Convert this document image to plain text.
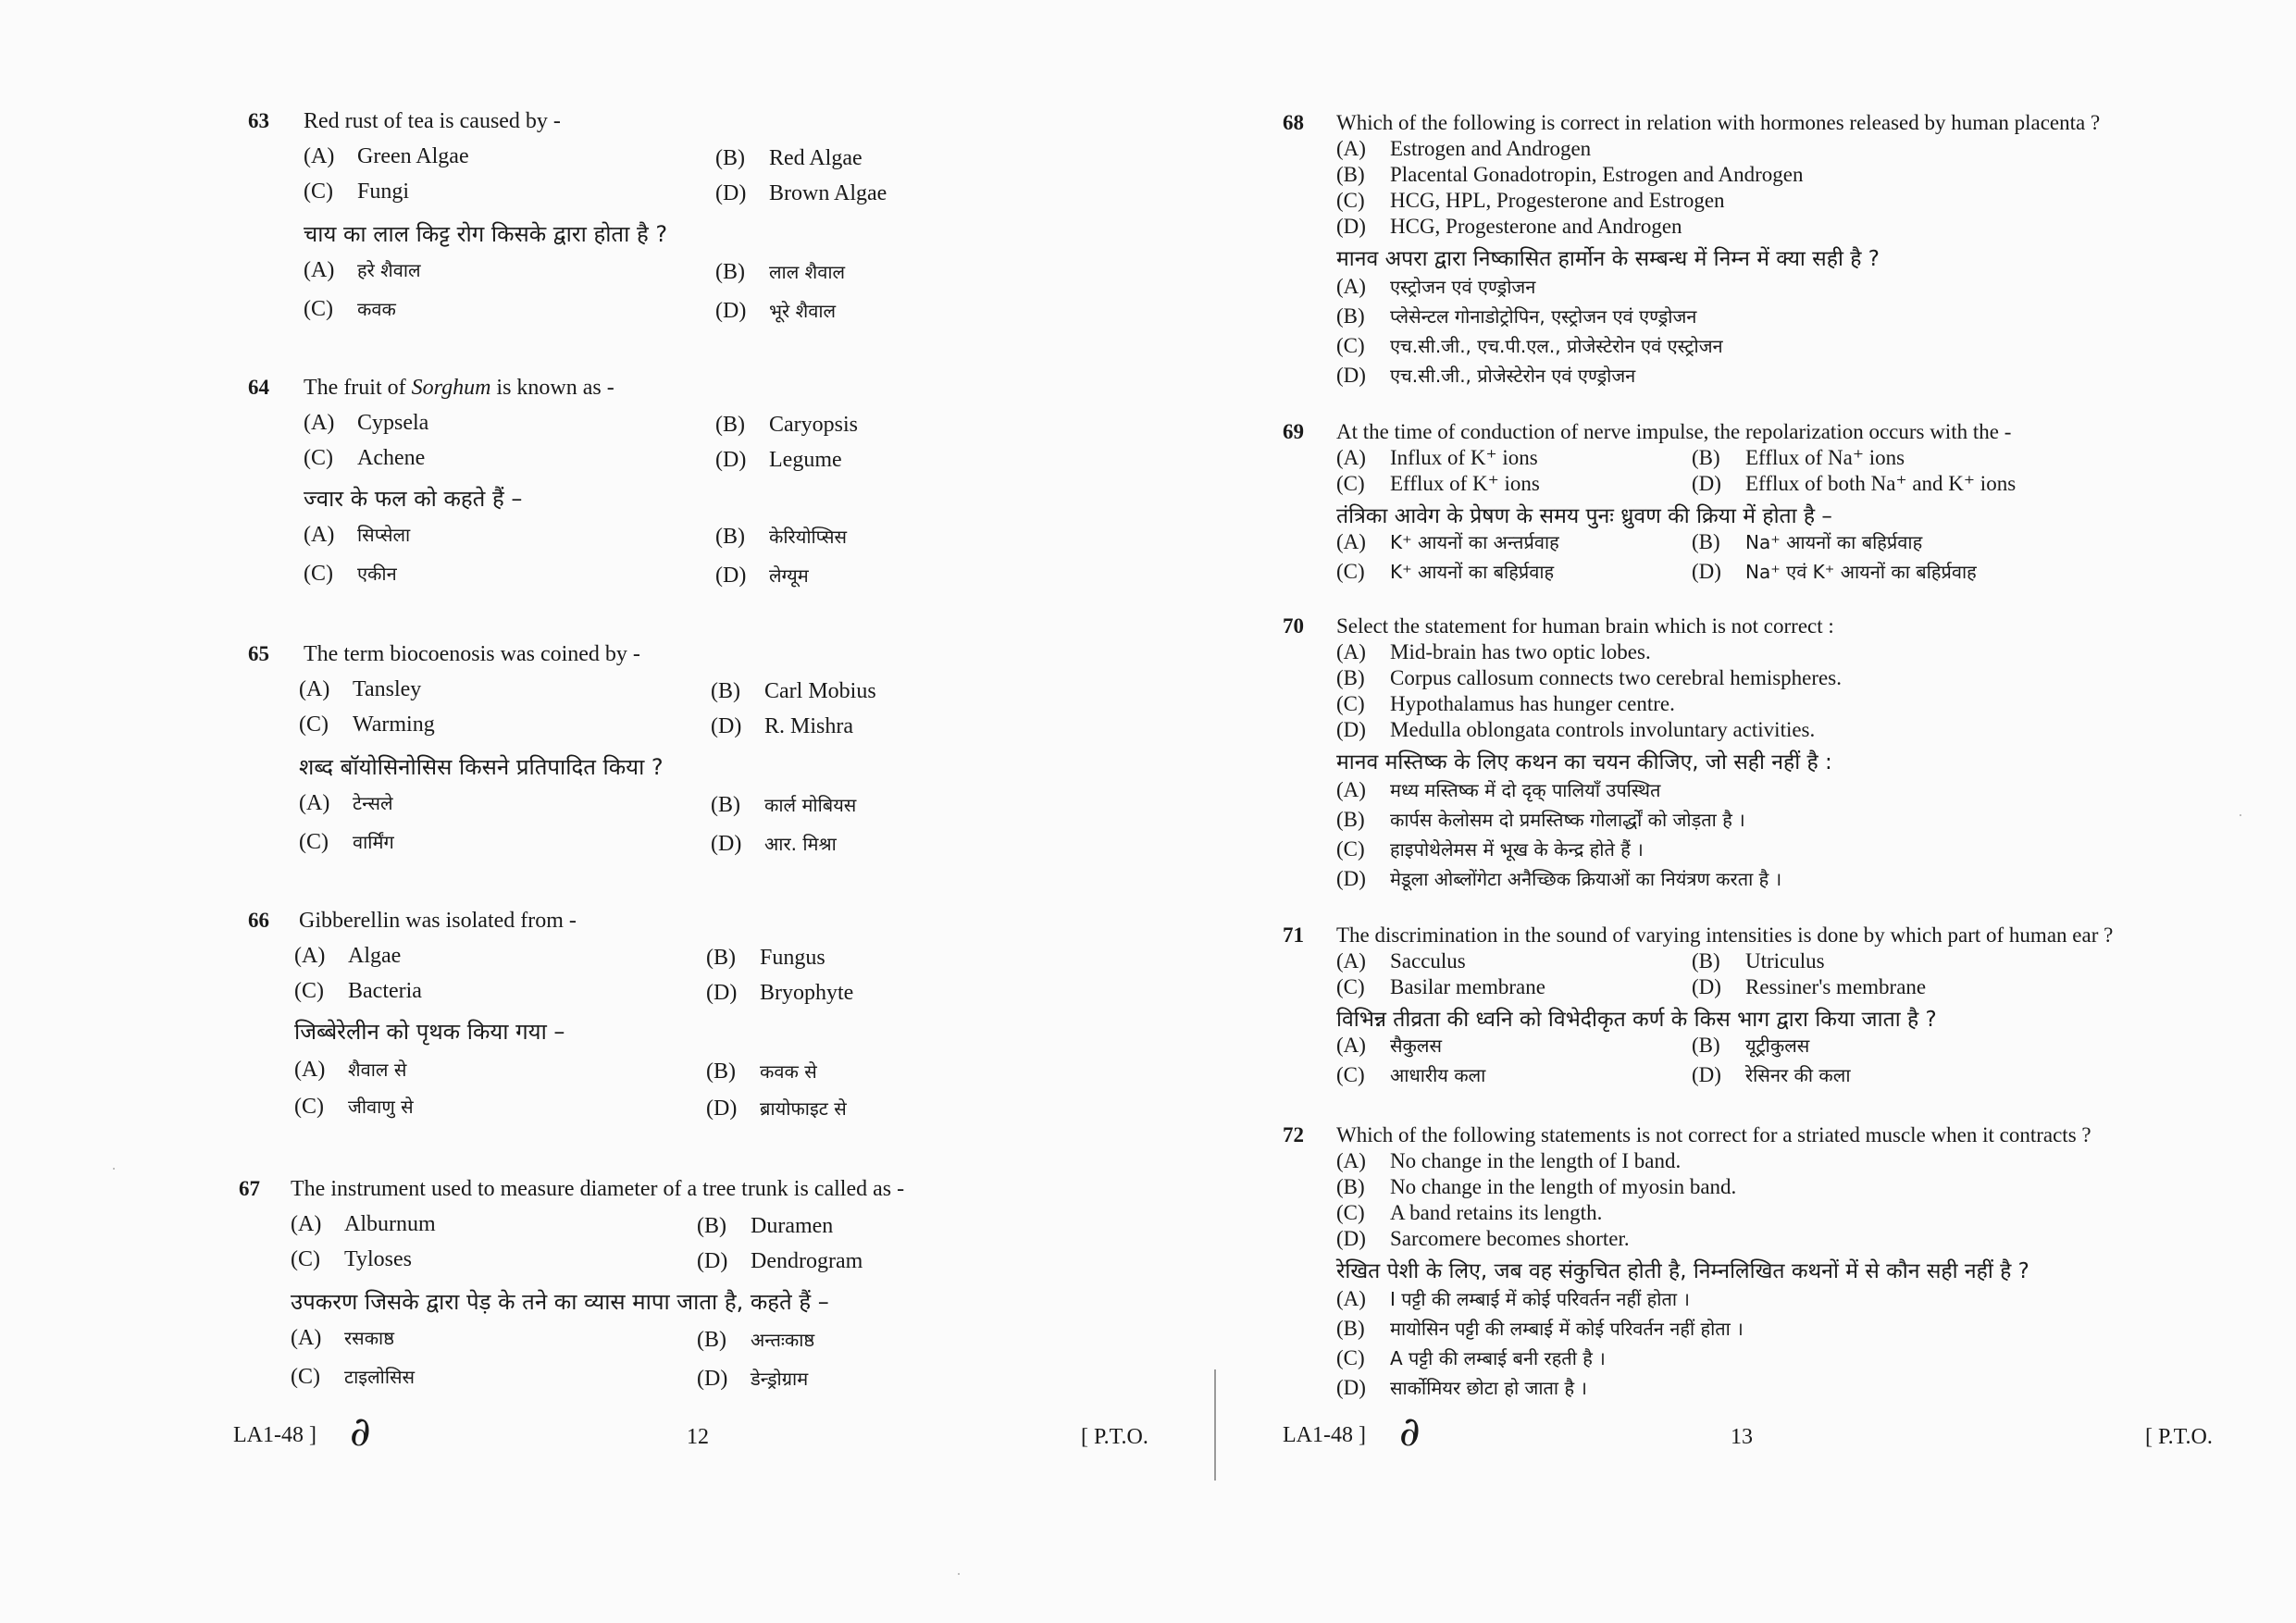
63 Red rust of tea is caused by -
(A) Green Algae	(B) Red Algae
(C) Fungi	(D) Brown Algae
चाय का लाल किट्ट रोग किसके द्वारा होता है ?
(A) हरे शैवाल	(B) लाल शैवाल
(C) कवक	(D) भूरे शैवाल
64 The fruit of Sorghum is known as -
(A) Cypsela	(B) Caryopsis
(C) Achene	(D) Legume
ज्वार के फल को कहते हैं –
(A) सिप्सेला	(B) केरियोप्सिस
(C) एकीन	(D) लेग्यूम
65 The term biocoenosis was coined by -
(A) Tansley	(B) Carl Mobius
(C) Warming	(D) R. Mishra
शब्द बॉयोसिनोसिस किसने प्रतिपादित किया ?
(A) टेन्सले	(B) कार्ल मोबियस
(C) वार्मिंग	(D) आर. मिश्रा
66 Gibberellin was isolated from -
(A) Algae	(B) Fungus
(C) Bacteria	(D) Bryophyte
जिब्बेरेलीन को पृथक किया गया –
(A) शैवाल से	(B) कवक से
(C) जीवाणु से	(D) ब्रायोफाइट से
67 The instrument used to measure diameter of a tree trunk is called as -
(A) Alburnum	(B) Duramen
(C) Tyloses	(D) Dendrogram
उपकरण जिसके द्वारा पेड़ के तने का व्यास मापा जाता है, कहते हैं –
(A) रसकाष्ठ	(B) अन्तःकाष्ठ
(C) टाइलोसिस	(D) डेन्ड्रोग्राम
LA1-48 ] ∂	12	[ P.T.O.
68 Which of the following is correct in relation with hormones released by human placenta ?
(A) Estrogen and Androgen
(B) Placental Gonadotropin, Estrogen and Androgen
(C) HCG, HPL, Progesterone and Estrogen
(D) HCG, Progesterone and Androgen
मानव अपरा द्वारा निष्कासित हार्मोन के सम्बन्ध में निम्न में क्या सही है ?
(A) एस्ट्रोजन एवं एण्ड्रोजन
(B) प्लेसेन्टल गोनाडोट्रोपिन, एस्ट्रोजन एवं एण्ड्रोजन
(C) एच.सी.जी., एच.पी.एल., प्रोजेस्टेरोन एवं एस्ट्रोजन
(D) एच.सी.जी., प्रोजेस्टेरोन एवं एण्ड्रोजन
69 At the time of conduction of nerve impulse, the repolarization occurs with the -
(A) Influx of K⁺ ions	(B) Efflux of Na⁺ ions
(C) Efflux of K⁺ ions	(D) Efflux of both Na⁺ and K⁺ ions
तंत्रिका आवेग के प्रेषण के समय पुनः ध्रुवण की क्रिया में होता है –
(A) K⁺ आयनों का अन्तर्प्रवाह	(B) Na⁺ आयनों का बहिर्प्रवाह
(C) K⁺ आयनों का बहिर्प्रवाह	(D) Na⁺ एवं K⁺ आयनों का बहिर्प्रवाह
70 Select the statement for human brain which is not correct :
(A) Mid-brain has two optic lobes.
(B) Corpus callosum connects two cerebral hemispheres.
(C) Hypothalamus has hunger centre.
(D) Medulla oblongata controls involuntary activities.
मानव मस्तिष्क के लिए कथन का चयन कीजिए, जो सही नहीं है :
(A) मध्य मस्तिष्क में दो दृक् पालियाँ उपस्थित
(B) कार्पस केलोसम दो प्रमस्तिष्क गोलार्द्धों को जोड़ता है ।
(C) हाइपोथेलेमस में भूख के केन्द्र होते हैं ।
(D) मेडूला ओब्लोंगेटा अनैच्छिक क्रियाओं का नियंत्रण करता है ।
71 The discrimination in the sound of varying intensities is done by which part of human ear ?
(A) Sacculus	(B) Utriculus
(C) Basilar membrane	(D) Ressiner's membrane
विभिन्न तीव्रता की ध्वनि को विभेदीकृत कर्ण के किस भाग द्वारा किया जाता है ?
(A) सैकुलस	(B) यूट्रीकुलस
(C) आधारीय कला	(D) रेसिनर की कला
72 Which of the following statements is not correct for a striated muscle when it contracts ?
(A) No change in the length of I band.
(B) No change in the length of myosin band.
(C) A band retains its length.
(D) Sarcomere becomes shorter.
रेखित पेशी के लिए, जब वह संकुचित होती है, निम्नलिखित कथनों में से कौन सही नहीं है ?
(A) I पट्टी की लम्बाई में कोई परिवर्तन नहीं होता ।
(B) मायोसिन पट्टी की लम्बाई में कोई परिवर्तन नहीं होता ।
(C) A पट्टी की लम्बाई बनी रहती है ।
(D) सार्कोमियर छोटा हो जाता है ।
LA1-48 ] ∂	13	[ P.T.O.
